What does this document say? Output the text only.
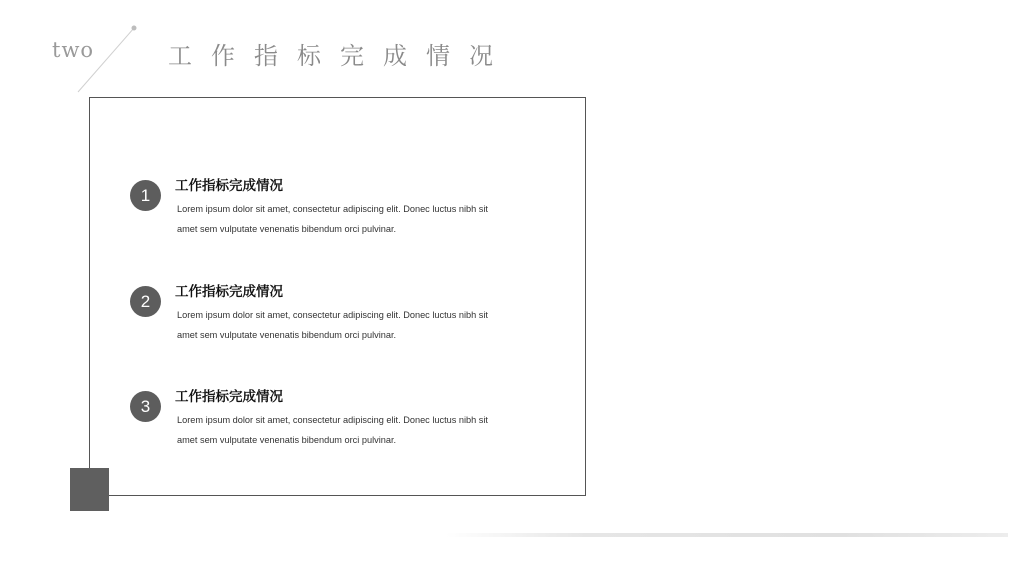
two	工作指标完成情况
1	工作指标完成情况
Lorem ipsum dolor sit amet, consectetur adipiscing elit. Donec luctus nibh sit amet sem vulputate venenatis bibendum orci pulvinar.
2	工作指标完成情况
Lorem ipsum dolor sit amet, consectetur adipiscing elit. Donec luctus nibh sit amet sem vulputate venenatis bibendum orci pulvinar.
3	工作指标完成情况
Lorem ipsum dolor sit amet, consectetur adipiscing elit. Donec luctus nibh sit amet sem vulputate venenatis bibendum orci pulvinar.
